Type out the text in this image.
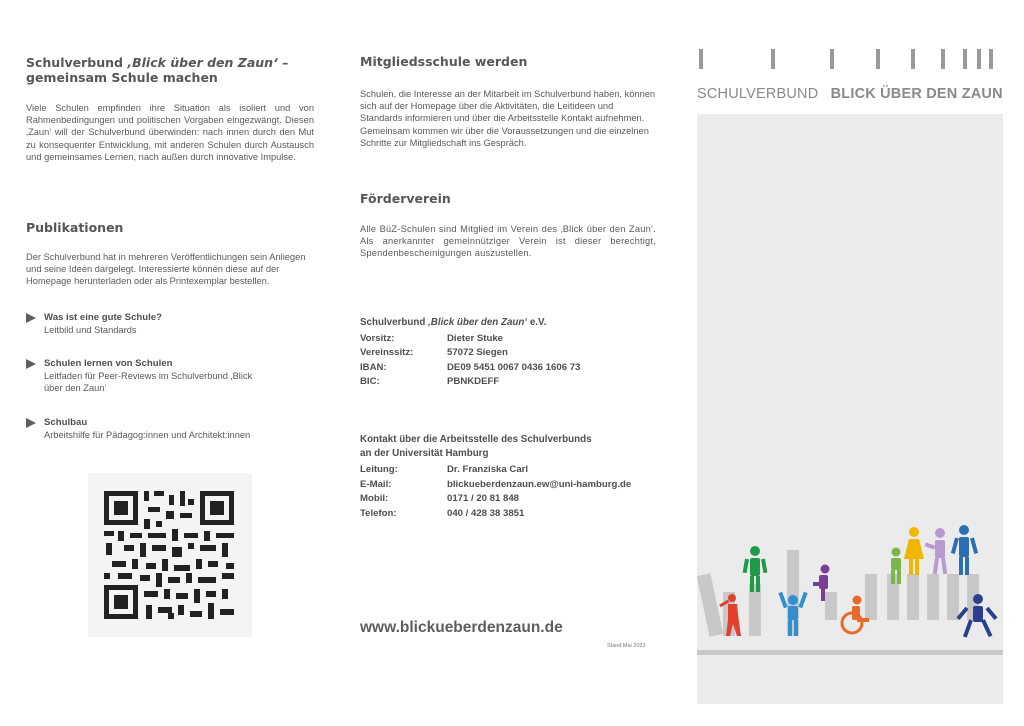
Schulverbund ‚Blick über den Zaun‘ –
gemeinsam Schule machen

Viele Schulen empfinden ihre Situation als isoliert und von Rahmenbedingungen und politischen Vorgaben eingezwängt. Diesen ‚Zaun‘ will der Schulverbund überwinden: nach innen durch den Mut zu konsequenter Entwicklung, mit anderen Schulen durch Austausch und gemeinsames Lernen, nach außen durch innovative Impulse.

Publikationen

Der Schulverbund hat in mehreren Veröffentlichungen sein Anliegen und seine Ideen dargelegt. Interessierte können diese auf der Homepage herunterladen oder als Printexemplar bestellen.

Was ist eine gute Schule?
Leitbild und Standards
Schulen lernen von Schulen
Leitfaden für Peer-Reviews im Schulverbund ‚Blick über den Zaun‘
Schulbau
Arbeitshilfe für Pädagog:innen und Architekt:innen
Mitgliedsschule werden

Schulen, die Interesse an der Mitarbeit im Schulverbund haben, können sich auf der Homepage über die Aktivitäten, die Leitideen und Standards informieren und über die Arbeitsstelle Kontakt aufnehmen. Gemeinsam kommen wir über die Voraussetzungen und die einzelnen Schritte zur Mitgliedschaft ins Gespräch.

Förderverein

Alle BüZ-Schulen sind Mitglied im Verein des ‚Blick über den Zaun‘. Als anerkannter gemeinnütziger Verein ist dieser berechtigt, Spendenbescheinigungen auszustellen.

Schulverbund ‚Blick über den Zaun‘ e.V.
Vorsitz:	Dieter Stuke
Vereinssitz:	57072 Siegen
IBAN:	DE09 5451 0067 0436 1606 73
BIC:	PBNKDEFF
Kontakt über die Arbeitsstelle des Schulverbunds
an der Universität Hamburg
Leitung:	Dr. Franziska Carl
E-Mail:	blickueberdenzaun.ew@uni-hamburg.de
Mobil:	0171 / 20 81 848
Telefon:	040 / 428 38 3851
www.blickueberdenzaun.de
Stand Mai 2023
SCHULVERBUND BLICK ÜBER DEN ZAUN
